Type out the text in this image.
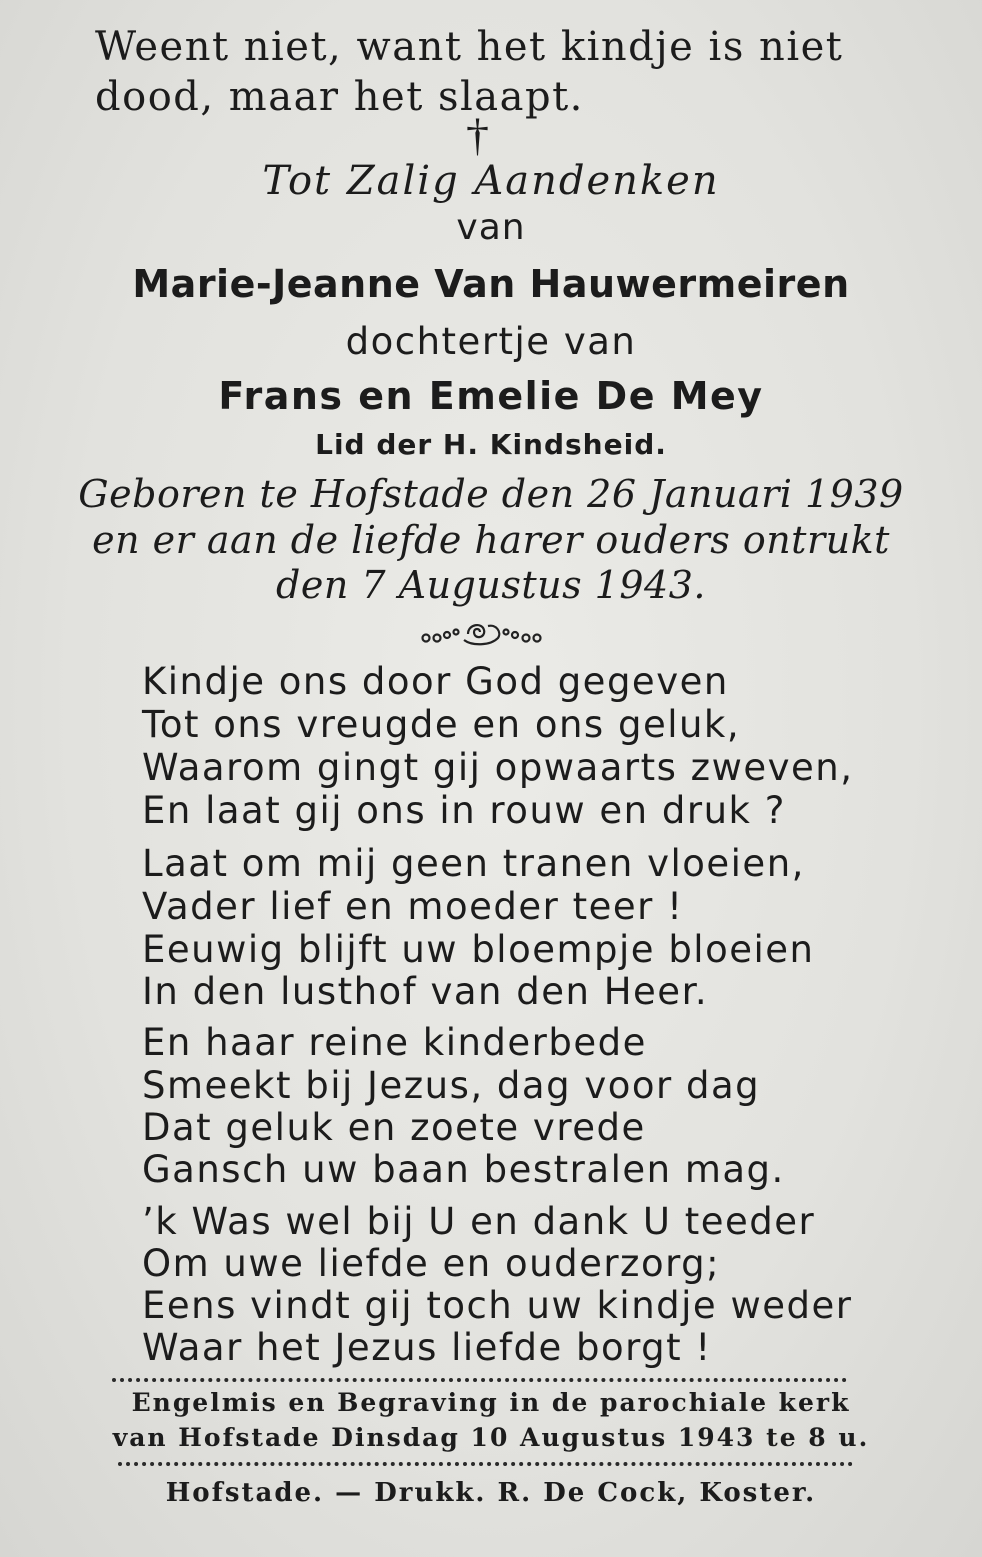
Weent niet, want het kindje is niet
dood, maar het slaapt.
†
Tot Zalig Aandenken
van
Marie-Jeanne Van Hauwermeiren
dochtertje van
Frans en Emelie De Mey
Lid der H. Kindsheid.
Geboren te Hofstade den 26 Januari 1939
en er aan de liefde harer ouders ontrukt
den 7 Augustus 1943.
Kindje ons door God gegeven
Tot ons vreugde en ons geluk,
Waarom gingt gij opwaarts zweven,
En laat gij ons in rouw en druk ?
Laat om mij geen tranen vloeien,
Vader lief en moeder teer !
Eeuwig blijft uw bloempje bloeien
In den lusthof van den Heer.
En haar reine kinderbede
Smeekt bij Jezus, dag voor dag
Dat geluk en zoete vrede
Gansch uw baan bestralen mag.
’k Was wel bij U en dank U teeder
Om uwe liefde en ouderzorg;
Eens vindt gij toch uw kindje weder
Waar het Jezus liefde borgt !
Engelmis en Begraving in de parochiale kerk
van Hofstade Dinsdag 10 Augustus 1943 te 8 u.
Hofstade. — Drukk. R. De Cock, Koster.
